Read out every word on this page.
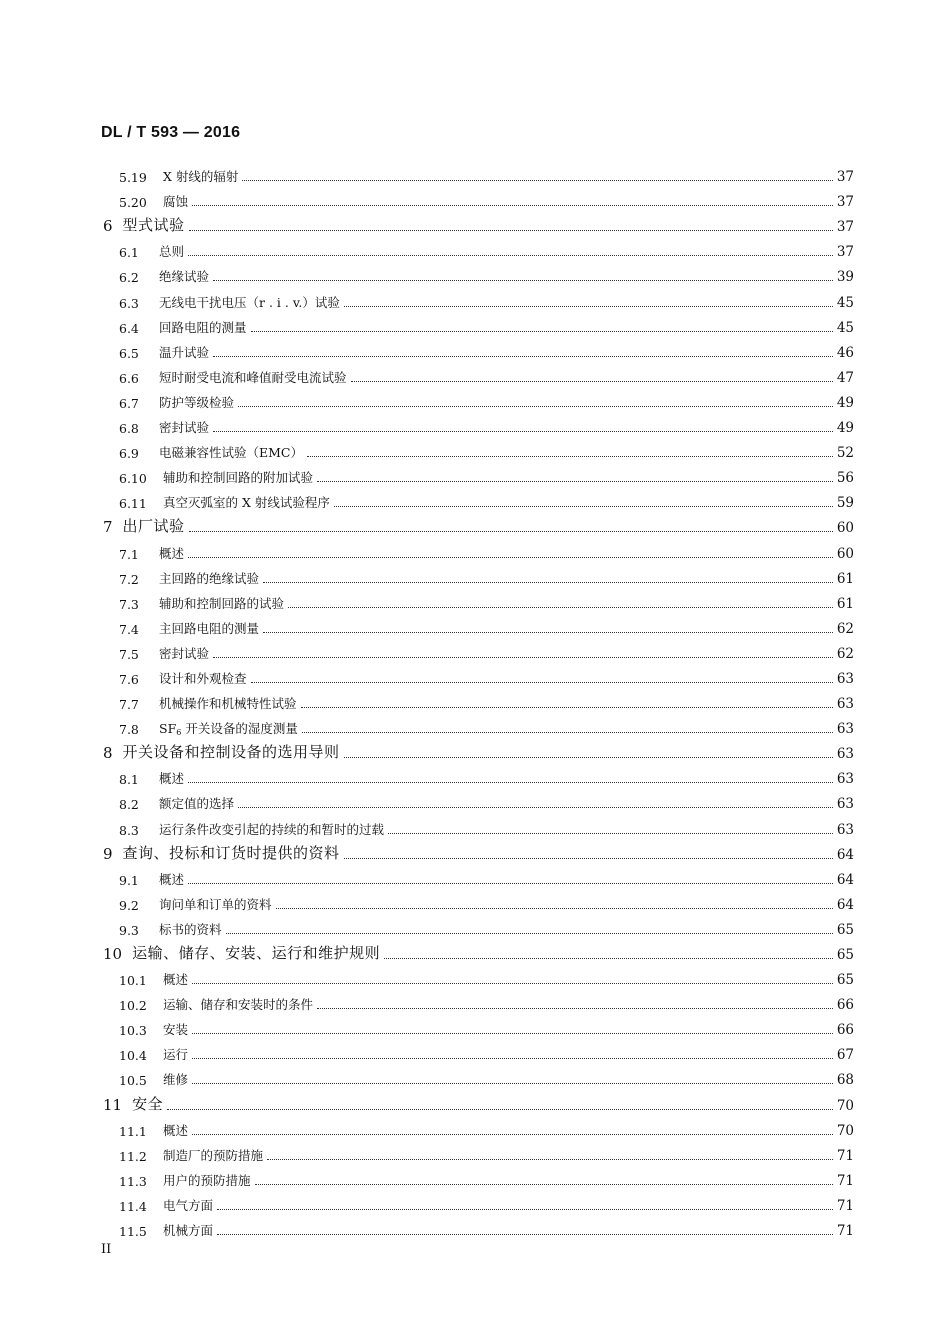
DL / T 593 — 2016
5.19	X 射线的辐射	37
5.20	腐蚀	37
6 型式试验	37
6.1	总则	37
6.2	绝缘试验	39
6.3	无线电干扰电压（r . i . v.）试验	45
6.4	回路电阻的测量	45
6.5	温升试验	46
6.6	短时耐受电流和峰值耐受电流试验	47
6.7	防护等级检验	49
6.8	密封试验	49
6.9	电磁兼容性试验（EMC）	52
6.10	辅助和控制回路的附加试验	56
6.11	真空灭弧室的 X 射线试验程序	59
7 出厂试验	60
7.1	概述	60
7.2	主回路的绝缘试验	61
7.3	辅助和控制回路的试验	61
7.4	主回路电阻的测量	62
7.5	密封试验	62
7.6	设计和外观检查	63
7.7	机械操作和机械特性试验	63
7.8	$SF_6$ 开关设备的湿度测量	63
8 开关设备和控制设备的选用导则	63
8.1	概述	63
8.2	额定值的选择	63
8.3	运行条件改变引起的持续的和暂时的过载	63
9 查询、投标和订货时提供的资料	64
9.1	概述	64
9.2	询问单和订单的资料	64
9.3	标书的资料	65
10 运输、储存、安装、运行和维护规则	65
10.1	概述	65
10.2	运输、储存和安装时的条件	66
10.3	安装	66
10.4	运行	67
10.5	维修	68
11 安全	70
11.1	概述	70
11.2	制造厂的预防措施	71
11.3	用户的预防措施	71
11.4	电气方面	71
11.5	机械方面	71
II
